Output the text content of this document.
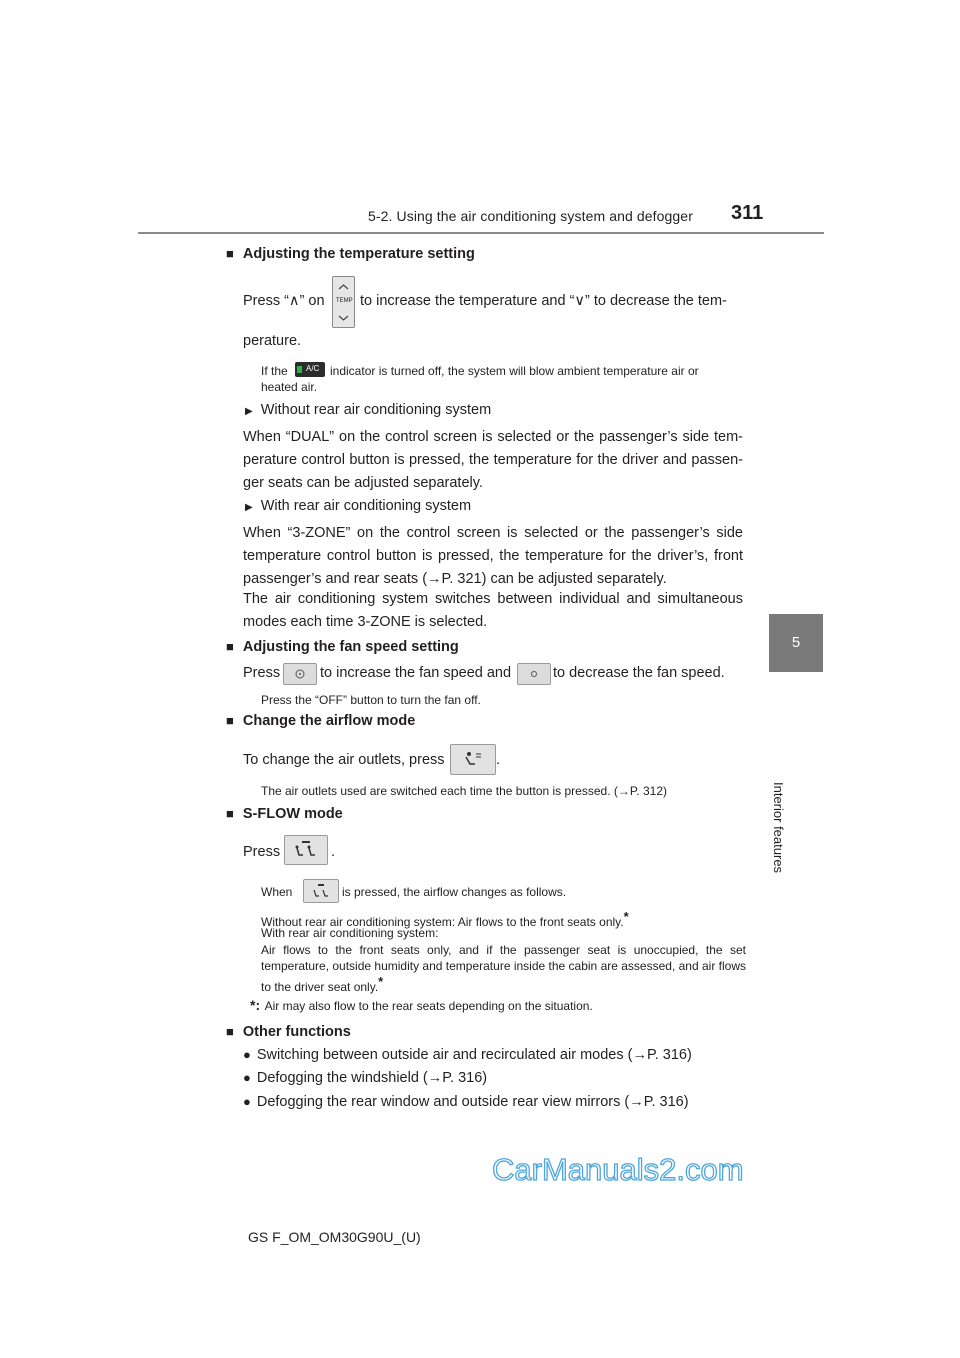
5-2. Using the air conditioning system and defogger 311
5
Interior features
■ Adjusting the temperature setting
Press “∧” on TEMP to increase the temperature and “∨” to decrease the tem-
perature.
If the A/C indicator is turned off, the system will blow ambient temperature air or
heated air.
▶ Without rear air conditioning system
When “DUAL” on the control screen is selected or the passenger’s side tem-perature control button is pressed, the temperature for the driver and passen-ger seats can be adjusted separately.
▶ With rear air conditioning system
When “3-ZONE” on the control screen is selected or the passenger’s side temperature control button is pressed, the temperature for the driver’s, front passenger’s and rear seats (→P. 321) can be adjusted separately.
The air conditioning system switches between individual and simultaneous modes each time 3-ZONE is selected.
■ Adjusting the fan speed setting
Press	to increase the fan speed and	to decrease the fan speed.
Press the “OFF” button to turn the fan off.
■ Change the airflow mode
To change the air outlets, press	.
The air outlets used are switched each time the button is pressed. (→P. 312)
■ S-FLOW mode
Press	.
When	is pressed, the airflow changes as follows.
Without rear air conditioning system: Air flows to the front seats only.*
With rear air conditioning system:
Air flows to the front seats only, and if the passenger seat is unoccupied, the set temperature, outside humidity and temperature inside the cabin are assessed, and air flows to the driver seat only.*
*: Air may also flow to the rear seats depending on the situation.
■ Other functions
● Switching between outside air and recirculated air modes (→P. 316)
● Defogging the windshield (→P. 316)
● Defogging the rear window and outside rear view mirrors (→P. 316)
CarManuals2.com
GS F_OM_OM30G90U_(U)
